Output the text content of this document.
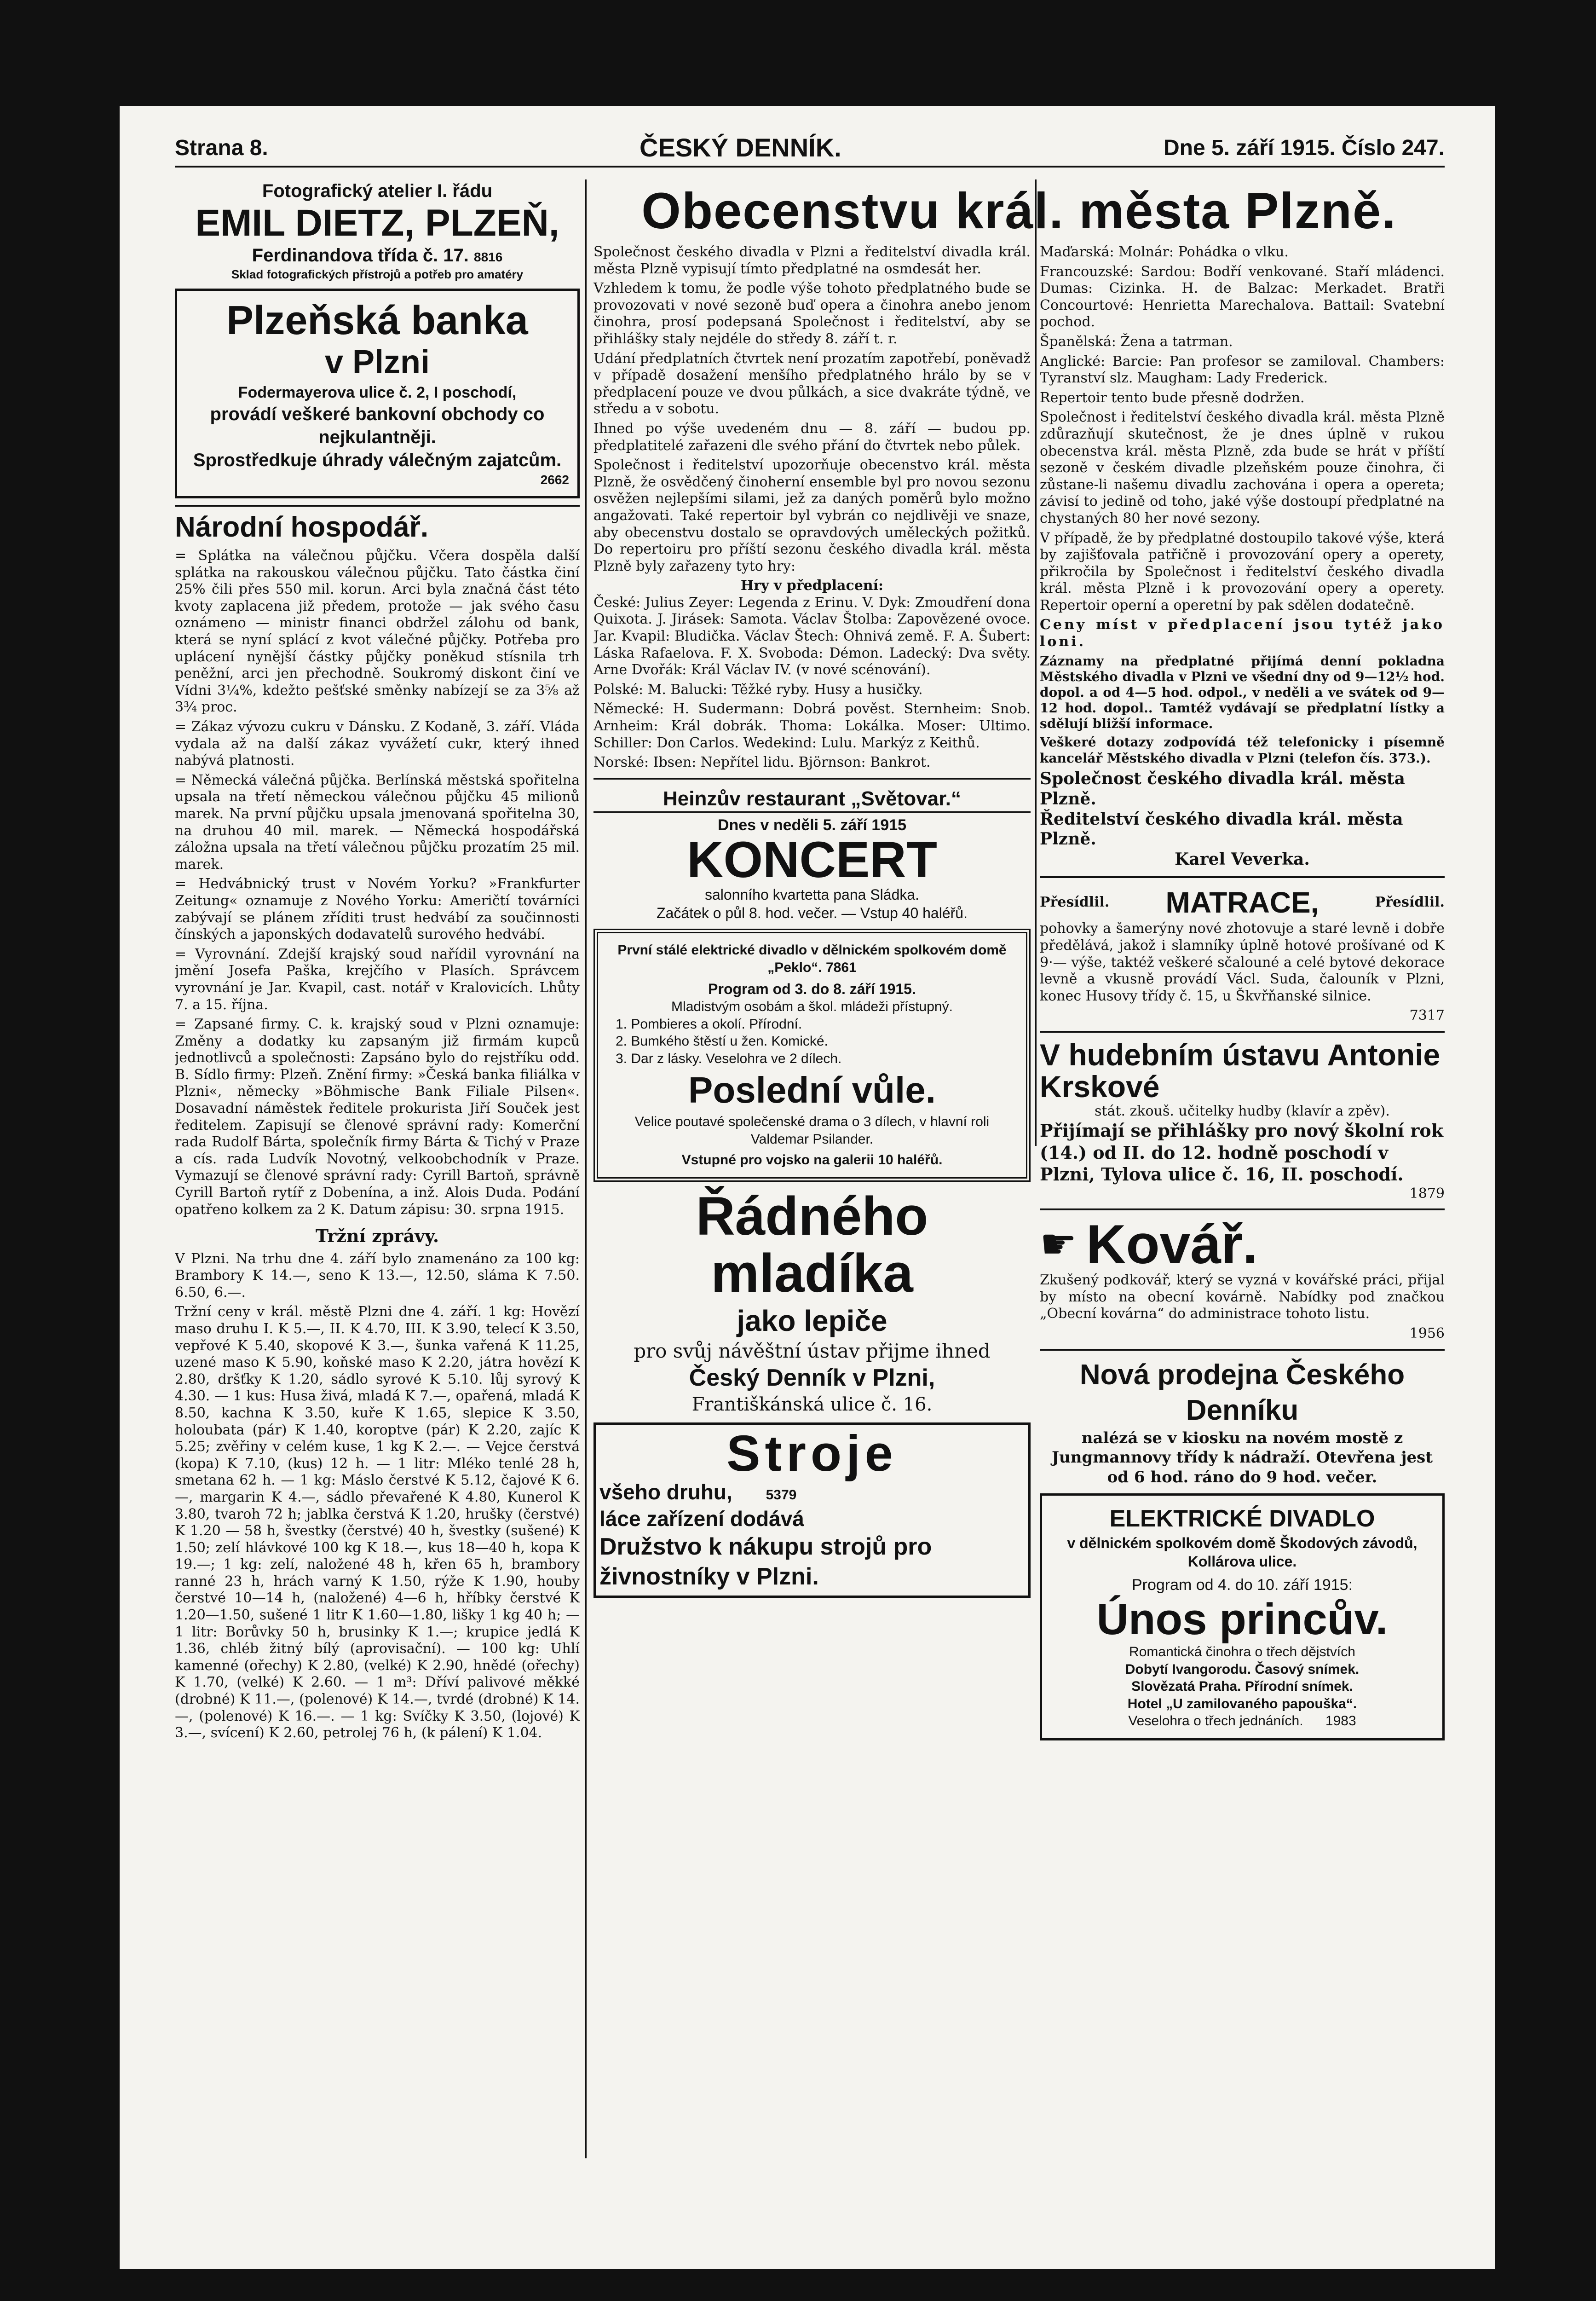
Strana 8.	ČESKÝ DENNÍK.	Dne 5. září 1915. Číslo 247.
Fotografický atelier I. řádu
EMIL DIETZ, PLZEŇ,
Ferdinandova třída č. 17. 8816
Sklad fotografických přístrojů a potřeb pro amatéry
Plzeňská banka
v Plzni
Fodermayerova ulice č. 2, I poschodí,
provádí veškeré bankovní obchody co nejkulantněji.
Sprostředkuje úhrady válečným zajatcům.
2662
Národní hospodář.

= Splátka na válečnou půjčku. Včera dospěla další splátka na rakouskou válečnou půjčku. Tato částka činí 25% čili přes 550 mil. korun. Arci byla značná část této kvoty zaplacena již předem, protože — jak svého času oznámeno — ministr financi obdržel zálohu od bank, která se nyní splácí z kvot válečné půjčky. Potřeba pro uplácení nynější částky půjčky poněkud stísnila trh peněžní, arci jen přechodně. Soukromý diskont činí ve Vídni 3¼%, kdežto pešťské směnky nabízejí se za 3⅝ až 3¾ proc.

= Zákaz vývozu cukru v Dánsku. Z Kodaně, 3. září. Vláda vydala až na další zákaz vyvážetí cukr, který ihned nabývá platnosti.

= Německá válečná půjčka. Berlínská městská spořitelna upsala na třetí německou válečnou půjčku 45 milionů marek. Na první půjčku upsala jmenovaná spořitelna 30, na druhou 40 mil. marek. — Německá hospodářská záložna upsala na třetí válečnou půjčku prozatím 25 mil. marek.

= Hedvábnický trust v Novém Yorku? »Frankfurter Zeitung« oznamuje z Nového Yorku: Američtí továrníci zabývají se plánem zříditi trust hedvábí za součinnosti čínských a japonských dodavatelů surového hedvábí.

= Vyrovnání. Zdejší krajský soud nařídil vyrovnání na jmění Josefa Paška, krejčího v Plasích. Správcem vyrovnání je Jar. Kvapil, cast. notář v Kralovicích. Lhůty 7. a 15. října.

= Zapsané firmy. C. k. krajský soud v Plzni oznamuje: Změny a dodatky ku zapsaným již firmám kupců jednotlivců a společnosti: Zapsáno bylo do rejstříku odd. B. Sídlo firmy: Plzeň. Znění firmy: »Česká banka filiálka v Plzni«, německy »Böhmische Bank Filiale Pilsen«. Dosavadní náměstek ředitele prokurista Jiří Souček jest ředitelem. Zapisují se členové správní rady: Komerční rada Rudolf Bárta, společník firmy Bárta & Tichý v Praze a cís. rada Ludvík Novotný, velkoobchodník v Praze. Vymazují se členové správní rady: Cyrill Bartoň, správně Cyrill Bartoň rytíř z Dobenína, a inž. Alois Duda. Podání opatřeno kolkem za 2 K. Datum zápisu: 30. srpna 1915.

Tržní zprávy.

V Plzni. Na trhu dne 4. září bylo znamenáno za 100 kg: Brambory K 14.—, seno K 13.—, 12.50, sláma K 7.50. 6.50, 6.—.

Tržní ceny v král. městě Plzni dne 4. září. 1 kg: Hovězí maso druhu I. K 5.—, II. K 4.70, III. K 3.90, telecí K 3.50, vepřové K 5.40, skopové K 3.—, šunka vařená K 11.25, uzené maso K 5.90, koňské maso K 2.20, játra hovězí K 2.80, dršťky K 1.20, sádlo syrové K 5.10. lůj syrový K 4.30. — 1 kus: Husa živá, mladá K 7.—, opařená, mladá K 8.50, kachna K 3.50, kuře K 1.65, slepice K 3.50, holoubata (pár) K 1.40, koroptve (pár) K 2.20, zajíc K 5.25; zvěřiny v celém kuse, 1 kg K 2.—. — Vejce čerstvá (kopa) K 7.10, (kus) 12 h. — 1 litr: Mléko tenlé 28 h, smetana 62 h. — 1 kg: Máslo čerstvé K 5.12, čajové K 6.—, margarin K 4.—, sádlo převařené K 4.80, Kunerol K 3.80, tvaroh 72 h; jablka čerstvá K 1.20, hrušky (čerstvé) K 1.20 — 58 h, švestky (čerstvé) 40 h, švestky (sušené) K 1.50; zelí hlávkové 100 kg K 18.—, kus 18—40 h, kopa K 19.—; 1 kg: zelí, naložené 48 h, křen 65 h, brambory ranné 23 h, hrách varný K 1.50, rýže K 1.90, houby čerstvé 10—14 h, (naložené) 4—6 h, hříbky čerstvé K 1.20—1.50, sušené 1 litr K 1.60—1.80, lišky 1 kg 40 h; — 1 litr: Borůvky 50 h, brusinky K 1.—; krupice jedlá K 1.36, chléb žitný bílý (aprovisační). — 100 kg: Uhlí kamenné (ořechy) K 2.80, (velké) K 2.90, hnědé (ořechy) K 1.70, (velké) K 2.60. — 1 m³: Dříví palivové měkké (drobné) K 11.—, (polenové) K 14.—, tvrdé (drobné) K 14.—, (polenové) K 16.—. — 1 kg: Svíčky K 3.50, (lojové) K 3.—, svícení) K 2.60, petrolej 76 h, (k pálení) K 1.04.

Obecenstvu král. města Plzně.

Společnost českého divadla v Plzni a ředitelství divadla král. města Plzně vypisují tímto předplatné na osmdesát her.

Vzhledem k tomu, že podle výše tohoto předplatného bude se provozovati v nové sezoně buď opera a činohra anebo jenom činohra, prosí podepsaná Společnost i ředitelství, aby se přihlášky staly nejdéle do středy 8. září t. r.

Udání předplatních čtvrtek není prozatím zapotřebí, poněvadž v případě dosažení menšího předplatného hrálo by se v předplacení pouze ve dvou půlkách, a sice dvakráte týdně, ve středu a v sobotu.

Ihned po výše uvedeném dnu — 8. září — budou pp. předplatitelé zařazeni dle svého přání do čtvrtek nebo půlek.

Společnost i ředitelství upozorňuje obecenstvo král. města Plzně, že osvědčený činoherní ensemble byl pro novou sezonu osvěžen nejlepšími silami, jež za daných poměrů bylo možno angažovati. Také repertoir byl vybrán co nejdlivěji ve snaze, aby obecenstvu dostalo se opravdových uměleckých požitků. Do repertoiru pro příští sezonu českého divadla král. města Plzně byly zařazeny tyto hry:

Hry v předplacení:

České: Julius Zeyer: Legenda z Erinu. V. Dyk: Zmoudření dona Quixota. J. Jirásek: Samota. Václav Štolba: Zapovězené ovoce. Jar. Kvapil: Bludička. Václav Štech: Ohnivá země. F. A. Šubert: Láska Rafaelova. F. X. Svoboda: Démon. Ladecký: Dva světy. Arne Dvořák: Král Václav IV. (v nové scénování).

Polské: M. Balucki: Těžké ryby. Husy a husičky.

Německé: H. Sudermann: Dobrá pověst. Sternheim: Snob. Arnheim: Král dobrák. Thoma: Lokálka. Moser: Ultimo. Schiller: Don Carlos. Wedekind: Lulu. Markýz z Keithů.

Norské: Ibsen: Nepřítel lidu. Björnson: Bankrot.

Heinzův restaurant „Světovar.“
Dnes v neděli 5. září 1915
KONCERT
salonního kvartetta pana Sládka.
Začátek o půl 8. hod. večer. — Vstup 40 haléřů.
První stálé elektrické divadlo v dělnickém spolkovém domě „Peklo“. 7861
Program od 3. do 8. září 1915.
Mladistvým osobám a škol. mládeži přístupný.
1. Pombieres a okolí. Přírodní.
2. Bumkého štěstí u žen. Komické.
3. Dar z lásky. Veselohra ve 2 dílech.
Poslední vůle.
Velice poutavé společenské drama o 3 dílech, v hlavní roli Valdemar Psilander.
Vstupné pro vojsko na galerii 10 haléřů.
Řádného mladíka
jako lepiče
pro svůj návěštní ústav přijme ihned
Český Denník v Plzni,
Františkánská ulice č. 16.
Stroje
všeho druhu, 5379
láce zařízení dodává
Družstvo k nákupu strojů pro živnostníky v Plzni.

Maďarská: Molnár: Pohádka o vlku.

Francouzské: Sardou: Bodří venkované. Staří mládenci. Dumas: Cizinka. H. de Balzac: Merkadet. Bratři Concourtové: Henrietta Marechalova. Battail: Svatební pochod.

Španělská: Žena a tatrman.

Anglické: Barcie: Pan profesor se zamiloval. Chambers: Tyranství slz. Maugham: Lady Frederick.

Repertoir tento bude přesně dodržen.

Společnost i ředitelství českého divadla král. města Plzně zdůrazňují skutečnost, že je dnes úplně v rukou obecenstva král. města Plzně, zda bude se hrát v příští sezoně v českém divadle plzeňském pouze činohra, či zůstane-li našemu divadlu zachována i opera a opereta; závisí to jedině od toho, jaké výše dostoupí předplatné na chystaných 80 her nové sezony.

V případě, že by předplatné dostoupilo takové výše, která by zajišťovala patřičně i provozování opery a operety, přikročila by Společnost i ředitelství českého divadla král. města Plzně i k provozování opery a operety. Repertoir operní a operetní by pak sdělen dodatečně.

Ceny míst v předplacení jsou tytéž jako loni.

Záznamy na předplatné přijímá denní pokladna Městského divadla v Plzni ve všední dny od 9—12½ hod. dopol. a od 4—5 hod. odpol., v neděli a ve svátek od 9—12 hod. dopol.. Tamtéž vydávají se předplatní lístky a sdělují bližší informace.

Veškeré dotazy zodpovídá též telefonicky i písemně kancelář Městského divadla v Plzni (telefon čís. 373.).

Společnost českého divadla král. města Plzně.
Ředitelství českého divadla král. města Plzně.
Karel Veverka.
Přesídlil. MATRACE,	Přesídlil.

pohovky a šamerýny nové zhotovuje a staré levně i dobře předělává, jakož i slamníky úplně hotové prošívané od K 9·— výše, taktéž veškeré sčalouné a celé bytové dekorace levně a vkusně provádí Václ. Suda, čalouník v Plzni, konec Husovy třídy č. 15, u Škvřňanské silnice.

7317
V hudebním ústavu Antonie Krskové
stát. zkouš. učitelky hudby (klavír a zpěv).
Přijímají se přihlášky pro nový školní rok (14.) od II. do 12. hodně poschodí v Plzni, Tylova ulice č. 16, II. poschodí.
1879
☛ Kovář.

Zkušený podkovář, který se vyzná v kovářské práci, přijal by místo na obecní kovárně. Nabídky pod značkou „Obecní kovárna“ do administrace tohoto listu.

1956
Nová prodejna Českého Denníku
nalézá se v kiosku na novém mostě z Jungmannovy třídy k nádraží. Otevřena jest od 6 hod. ráno do 9 hod. večer.
ELEKTRICKÉ DIVADLO
v dělnickém spolkovém domě Škodových závodů, Kollárova ulice.
Program od 4. do 10. září 1915:
Únos princův.
Romantická činohra o třech dějstvích
Dobytí Ivangorodu. Časový snímek.
Slovězatá Praha. Přírodní snímek.
Hotel „U zamilovaného papouška“.
Veselohra o třech jednáních. 1983
